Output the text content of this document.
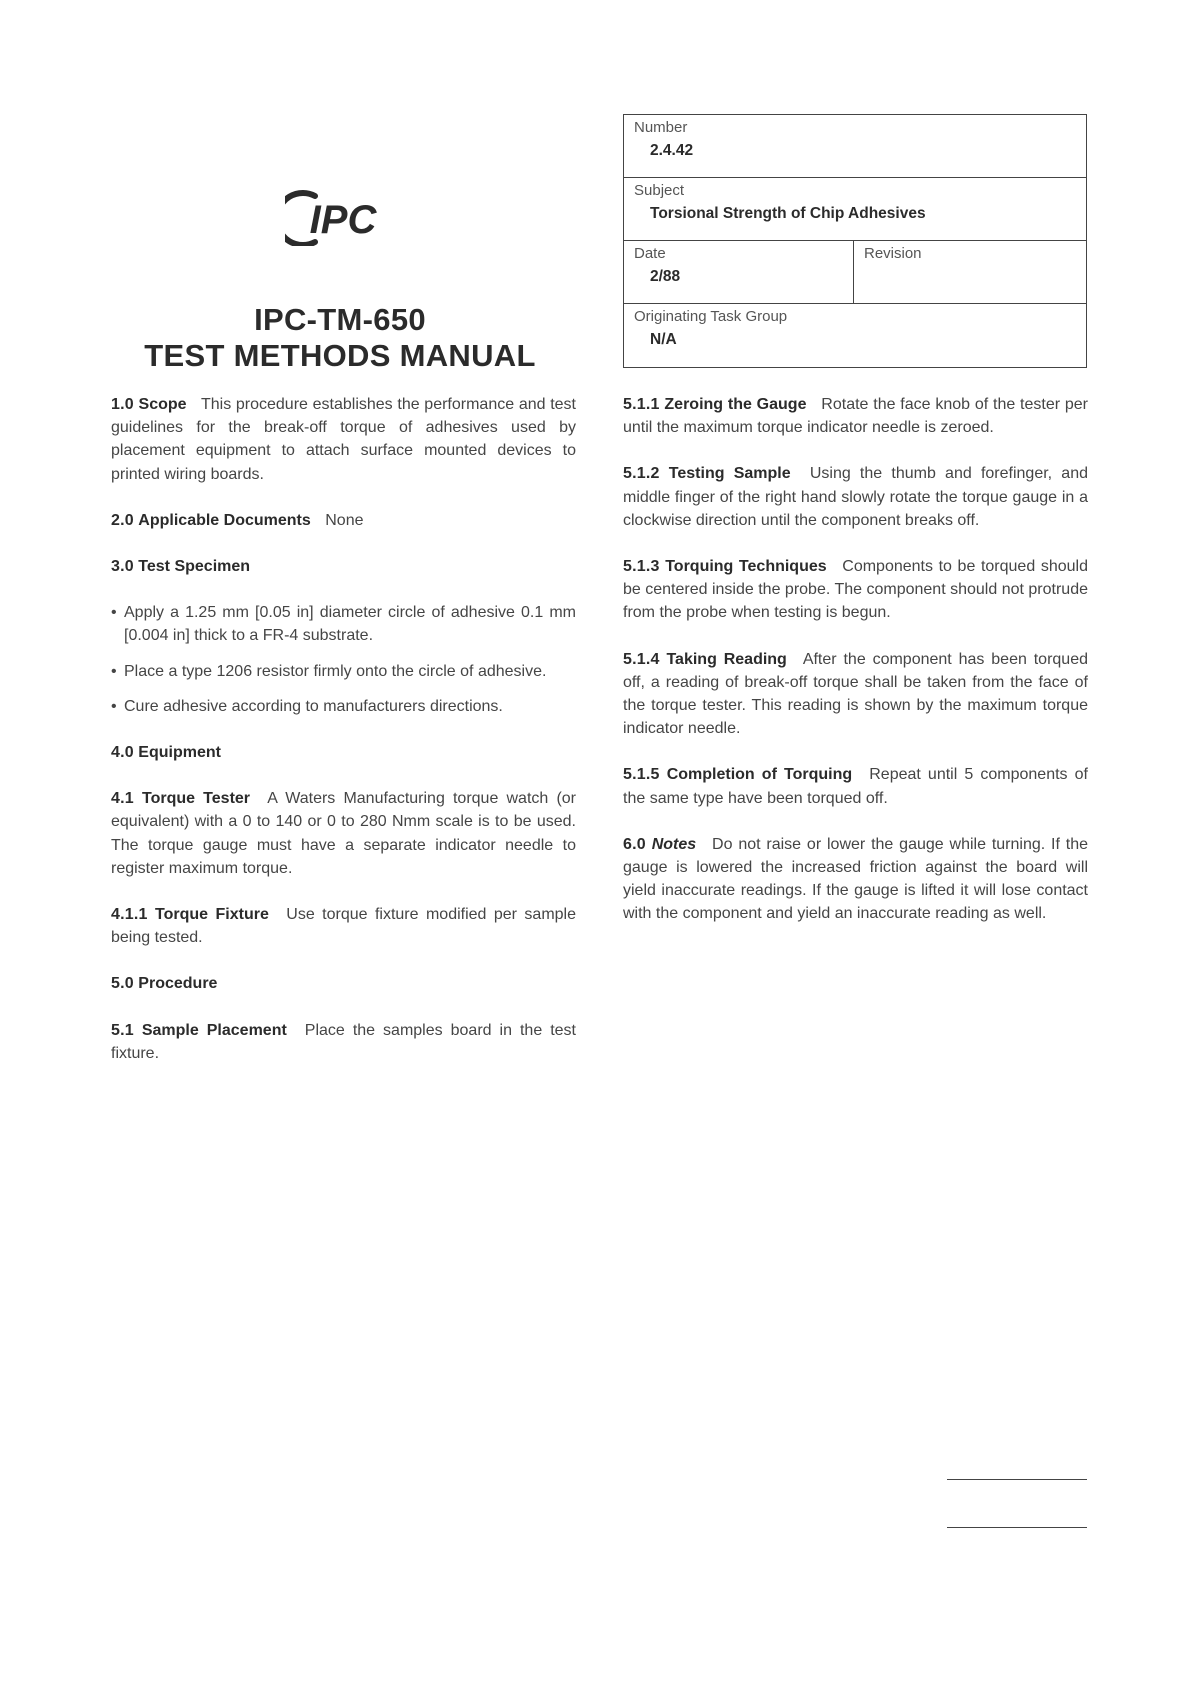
IPC
IPC-TM-650
TEST METHODS MANUAL
Number
2.4.42
Subject
Torsional Strength of Chip Adhesives
Date
2/88
Revision
Originating Task Group
N/A

1.0 Scope This procedure establishes the performance and test guidelines for the break-off torque of adhesives used by placement equipment to attach surface mounted devices to printed wiring boards.

2.0 Applicable Documents None

3.0 Test Specimen

• Apply a 1.25 mm [0.05 in] diameter circle of adhesive 0.1 mm [0.004 in] thick to a FR-4 substrate.
• Place a type 1206 resistor firmly onto the circle of adhesive.
• Cure adhesive according to manufacturers directions.

4.0 Equipment

4.1 Torque Tester A Waters Manufacturing torque watch (or equivalent) with a 0 to 140 or 0 to 280 Nmm scale is to be used. The torque gauge must have a separate indicator needle to register maximum torque.

4.1.1 Torque Fixture Use torque fixture modified per sample being tested.

5.0 Procedure

5.1 Sample Placement Place the samples board in the test fixture.

5.1.1 Zeroing the Gauge Rotate the face knob of the tester per until the maximum torque indicator needle is zeroed.

5.1.2 Testing Sample Using the thumb and forefinger, and middle finger of the right hand slowly rotate the torque gauge in a clockwise direction until the component breaks off.

5.1.3 Torquing Techniques Components to be torqued should be centered inside the probe. The component should not protrude from the probe when testing is begun.

5.1.4 Taking Reading After the component has been torqued off, a reading of break-off torque shall be taken from the face of the torque tester. This reading is shown by the maximum torque indicator needle.

5.1.5 Completion of Torquing Repeat until 5 components of the same type have been torqued off.

6.0 Notes Do not raise or lower the gauge while turning. If the gauge is lowered the increased friction against the board will yield inaccurate readings. If the gauge is lifted it will lose contact with the component and yield an inaccurate reading as well.
